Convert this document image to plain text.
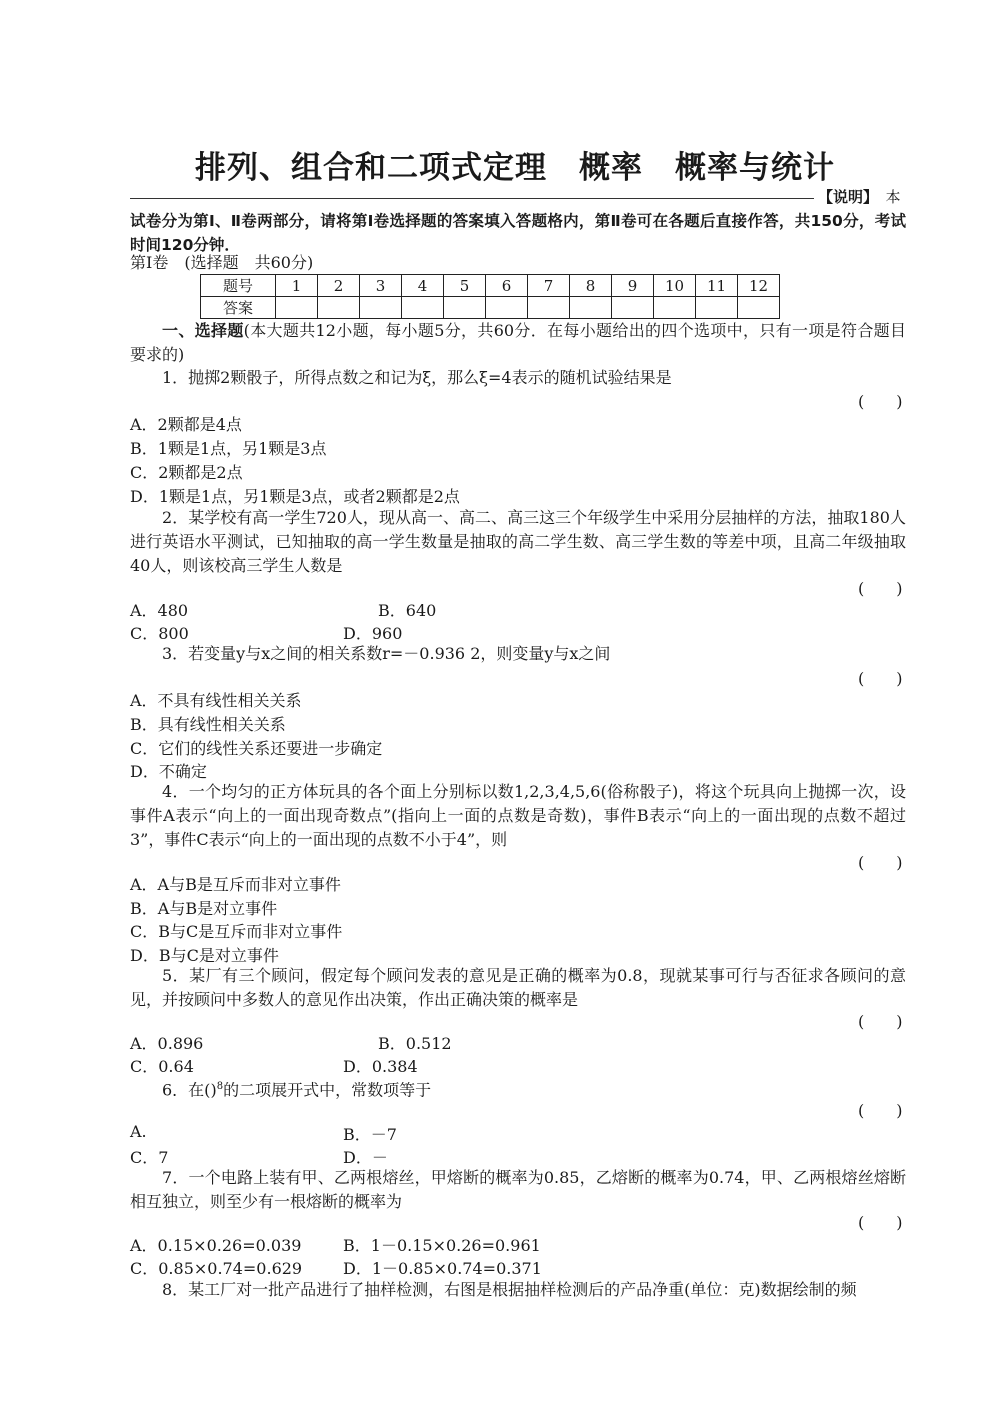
排列、组合和二项式定理　概率　概率与统计
【说明】　 本
试卷分为第Ⅰ、Ⅱ卷两部分，请将第Ⅰ卷选择题的答案填入答题格内，第Ⅱ卷可在各题后直接作答，共150分，考试时间120分钟．
第Ⅰ卷　 (选择题　共60分)
题号	1	2	3	4	5	6	7	8	9	10	11	12
答案												
一、选择题(本大题共12小题，每小题5分，共60分．在每小题给出的四个选项中，只有一项是符合题目要求的)
1．抛掷2颗骰子，所得点数之和记为ξ，那么ξ=4表示的随机试验结果是
(　　)
A．2颗都是4点
B．1颗是1点，另1颗是3点
C．2颗都是2点
D．1颗是1点，另1颗是3点，或者2颗都是2点
2．某学校有高一学生720人，现从高一、高二、高三这三个年级学生中采用分层抽样的方法，抽取180人进行英语水平测试，已知抽取的高一学生数量是抽取的高二学生数、高三学生数的等差中项，且高二年级抽取40人，则该校高三学生人数是
(　　)
A．480	B．640
C．800	D．960
3．若变量y与x之间的相关系数r=－0.936 2，则变量y与x之间
(　　)
A．不具有线性相关关系
B．具有线性相关关系
C．它们的线性关系还要进一步确定
D．不确定
4．一个均匀的正方体玩具的各个面上分别标以数1,2,3,4,5,6(俗称骰子)，将这个玩具向上抛掷一次，设事件A表示“向上的一面出现奇数点”(指向上一面的点数是奇数)，事件B表示“向上的一面出现的点数不超过3”，事件C表示“向上的一面出现的点数不小于4”，则
(　　)
A．A与B是互斥而非对立事件
B．A与B是对立事件
C．B与C是互斥而非对立事件
D．B与C是对立事件
5．某厂有三个顾问，假定每个顾问发表的意见是正确的概率为0.8，现就某事可行与否征求各顾问的意见，并按顾问中多数人的意见作出决策，作出正确决策的概率是
(　　)
A．0.896	B．0.512
C．0.64	D．0.384
6．在()$^8$的二项展开式中，常数项等于
(　　)
A.	B．－7
C．7	D．－
7．一个电路上装有甲、乙两根熔丝，甲熔断的概率为0.85，乙熔断的概率为0.74，甲、乙两根熔丝熔断相互独立，则至少有一根熔断的概率为
(　　)
A．0.15×0.26=0.039	B．1－0.15×0.26=0.961
C．0.85×0.74=0.629	D．1－0.85×0.74=0.371
8．某工厂对一批产品进行了抽样检测，右图是根据抽样检测后的产品净重(单位：克)数据绘制的频
